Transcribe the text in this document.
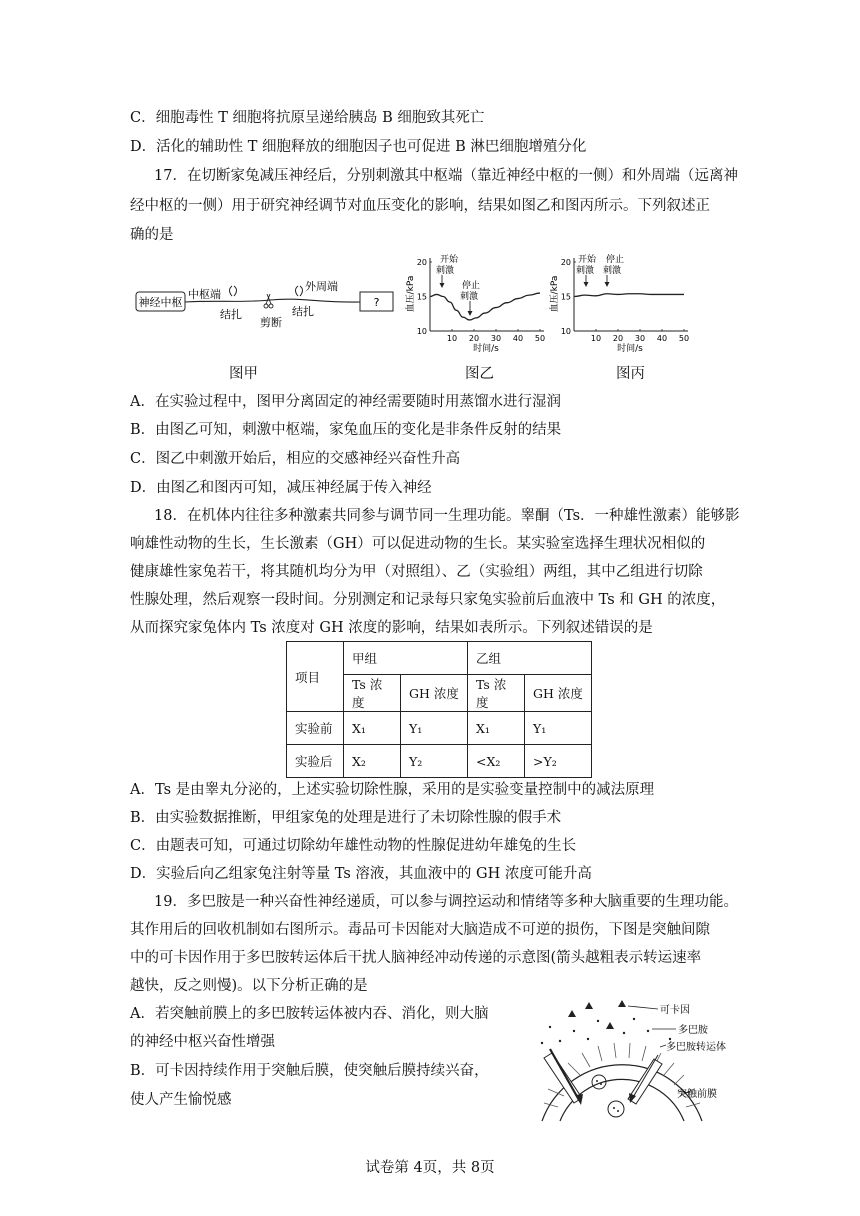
C．细胞毒性 T 细胞将抗原呈递给胰岛 B 细胞致其死亡
D．活化的辅助性 T 细胞释放的细胞因子也可促进 B 淋巴细胞增殖分化
17．在切断家兔减压神经后，分别刺激其中枢端（靠近神经中枢的一侧）和外周端（远离神
经中枢的一侧）用于研究神经调节对血压变化的影响，结果如图乙和图丙所示。下列叙述正
确的是
神经中枢
中枢端
外周端
?
结扎	结扎
剪断
血压/kPa
时间/s
10 20 30 40 50
10
15
20 开始
刺激
停止
刺激	血压/kPa
时间/s
10 20 30 40 50
10
15
20 开始
刺激
停止
刺激
图甲	图乙	图丙
A．在实验过程中，图甲分离固定的神经需要随时用蒸馏水进行湿润
B．由图乙可知，刺激中枢端，家兔血压的变化是非条件反射的结果
C．图乙中刺激开始后，相应的交感神经兴奋性升高
D．由图乙和图丙可知，减压神经属于传入神经
18．在机体内往往多种激素共同参与调节同一生理功能。睾酮（Ts．一种雄性激素）能够影
响雄性动物的生长，生长激素（GH）可以促进动物的生长。某实验室选择生理状况相似的
健康雄性家兔若干，将其随机均分为甲（对照组）、乙（实验组）两组，其中乙组进行切除
性腺处理，然后观察一段时间。分别测定和记录每只家兔实验前后血液中 Ts 和 GH 的浓度，
从而探究家兔体内 Ts 浓度对 GH 浓度的影响，结果如表所示。下列叙述错误的是
项目	甲组		乙组	
	Ts 浓度	GH 浓度	Ts 浓度	GH 浓度
实验前	X₁	Y₁	X₁	Y₁
实验后	X₂	Y₂	<X₂	>Y₂
A．Ts 是由睾丸分泌的，上述实验切除性腺，采用的是实验变量控制中的减法原理
B．由实验数据推断，甲组家兔的处理是进行了未切除性腺的假手术
C．由题表可知，可通过切除幼年雄性动物的性腺促进幼年雄兔的生长
D．实验后向乙组家兔注射等量 Ts 溶液，其血液中的 GH 浓度可能升高
19．多巴胺是一种兴奋性神经递质，可以参与调控运动和情绪等多种大脑重要的生理功能。
其作用后的回收机制如右图所示。毒品可卡因能对大脑造成不可逆的损伤，下图是突触间隙
中的可卡因作用于多巴胺转运体后干扰人脑神经冲动传递的示意图(箭头越粗表示转运速率
越快，反之则慢)。以下分析正确的是
A．若突触前膜上的多巴胺转运体被内吞、消化，则大脑
的神经中枢兴奋性增强
B．可卡因持续作用于突触后膜，使突触后膜持续兴奋，
使人产生愉悦感
可卡因
多巴胺
多巴胺转运体
突触前膜
试卷第 4页，共 8页
